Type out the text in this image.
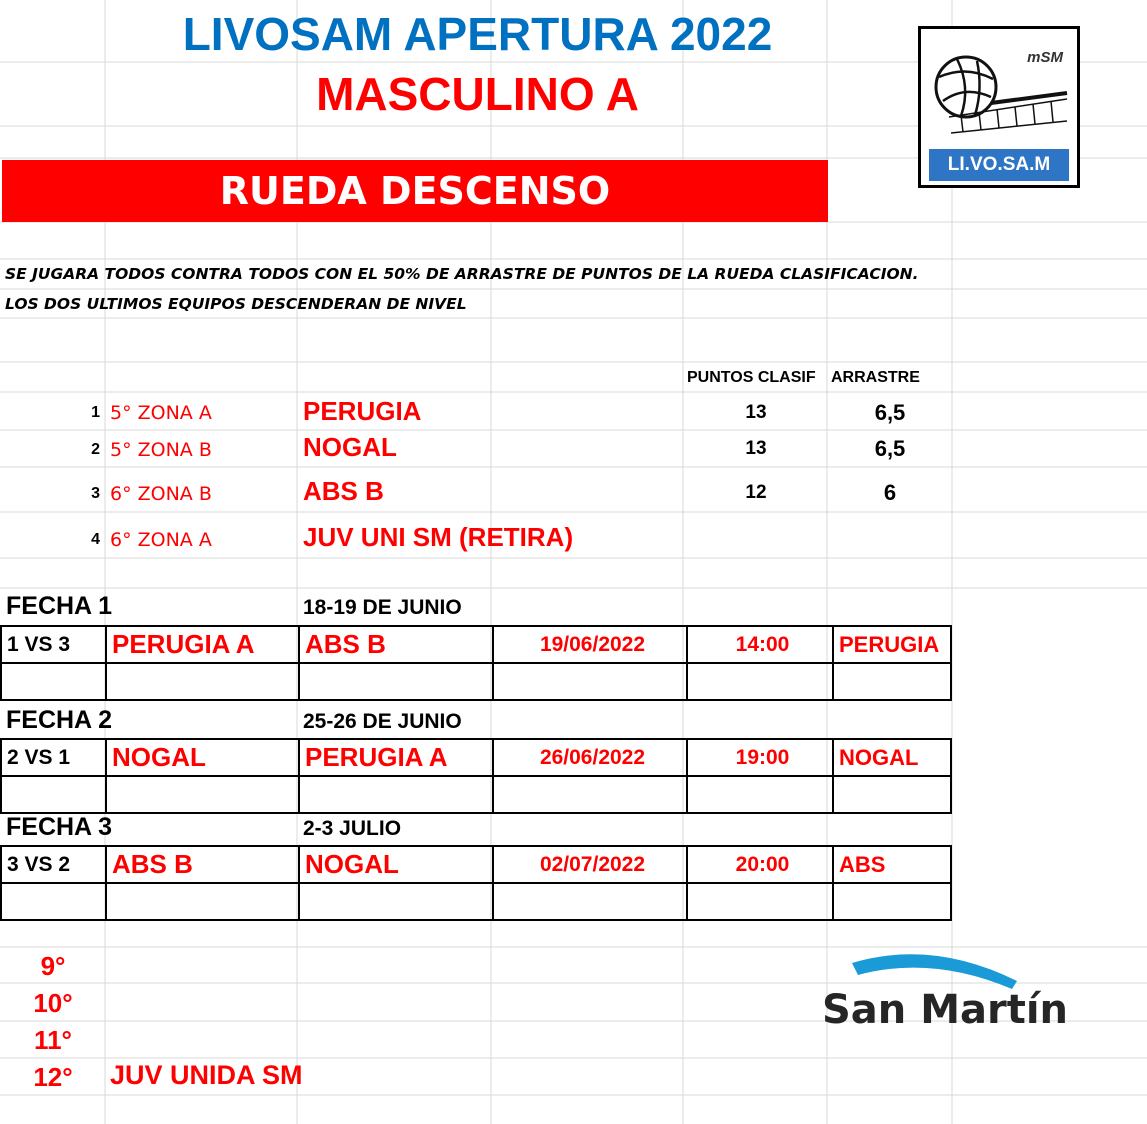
LIVOSAM APERTURA 2022
MASCULINO A
mSM
LI.VO.SA.M
RUEDA DESCENSO
SE JUGARA TODOS CONTRA TODOS CON EL 50% DE ARRASTRE DE PUNTOS DE LA RUEDA CLASIFICACION.
LOS DOS ULTIMOS EQUIPOS DESCENDERAN DE NIVEL
PUNTOS CLASIF ARRASTRE
1 5° ZONA A	PERUGIA	13	6,5
2 5° ZONA B	NOGAL	13	6,5
3 6° ZONA B	ABS B	12	6
4 6° ZONA A	JUV UNI SM (RETIRA)
FECHA 1	18-19 DE JUNIO
1 VS 3	PERUGIA A	ABS B	19/06/2022	14:00	PERUGIA

FECHA 2	25-26 DE JUNIO
2 VS 1	NOGAL	PERUGIA A	26/06/2022	19:00	NOGAL

FECHA 3	2-3 JULIO
3 VS 2	ABS B	NOGAL	02/07/2022	20:00	ABS

9°
10°
11°
12°	JUV UNIDA SM
San Martín
